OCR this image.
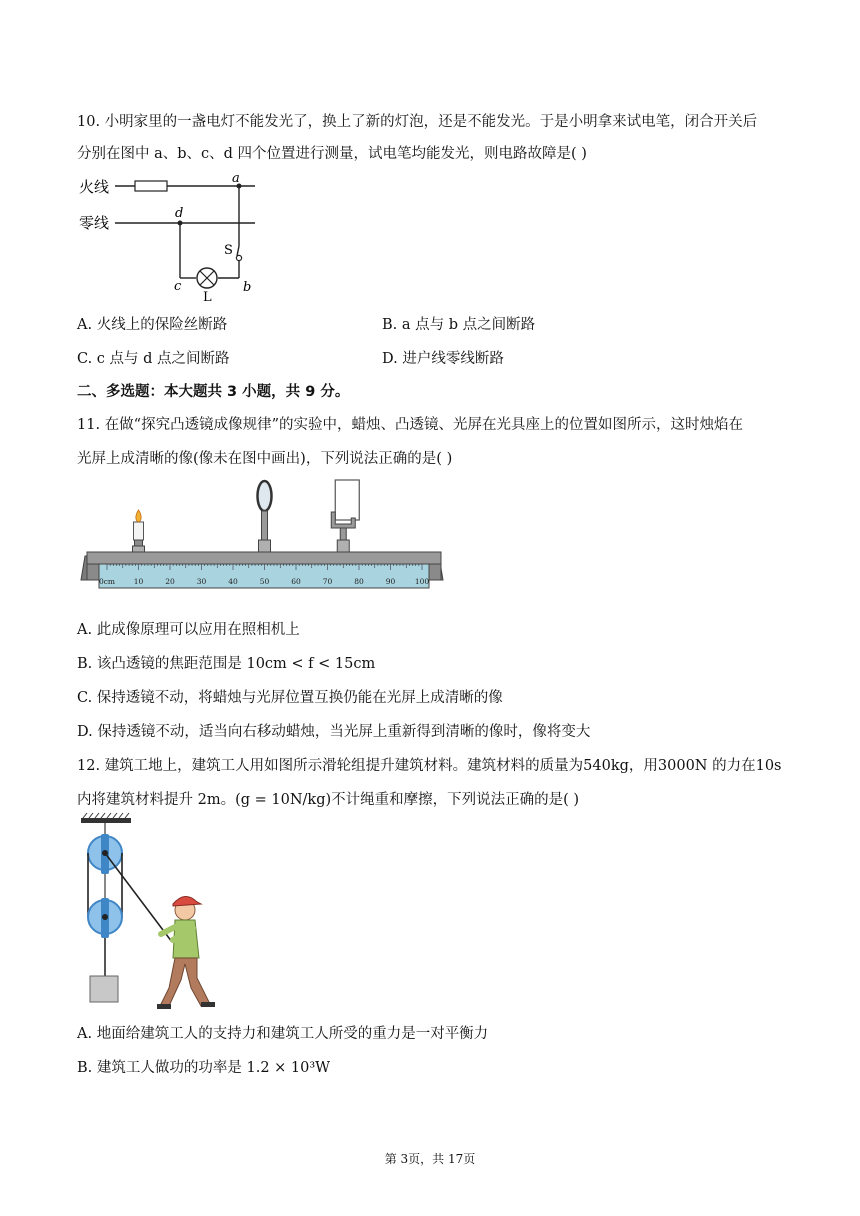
10. 小明家里的一盏电灯不能发光了，换上了新的灯泡，还是不能发光。于是小明拿来试电笔，闭合开关后
分别在图中 a、b、c、d 四个位置进行测量，试电笔均能发光，则电路故障是( )
火线	a
零线
d
S
L
c	b
A. 火线上的保险丝断路	B. a 点与 b 点之间断路
C. c 点与 d 点之间断路	D. 进户线零线断路
二、多选题：本大题共 3 小题，共 9 分。
11. 在做“探究凸透镜成像规律”的实验中，蜡烛、凸透镜、光屏在光具座上的位置如图所示，这时烛焰在
光屏上成清晰的像(像未在图中画出)，下列说法正确的是( )
0cm 10	20	30	40	50	60	70	80	90	100
A. 此成像原理可以应用在照相机上
B. 该凸透镜的焦距范围是 10cm < f < 15cm
C. 保持透镜不动，将蜡烛与光屏位置互换仍能在光屏上成清晰的像
D. 保持透镜不动，适当向右移动蜡烛，当光屏上重新得到清晰的像时，像将变大
12. 建筑工地上，建筑工人用如图所示滑轮组提升建筑材料。建筑材料的质量为540kg，用3000N 的力在10s
内将建筑材料提升 2m。(g = 10N/kg)不计绳重和摩擦，下列说法正确的是( )
A. 地面给建筑工人的支持力和建筑工人所受的重力是一对平衡力
B. 建筑工人做功的功率是 1.2 × 10³W
第 3页，共 17页
